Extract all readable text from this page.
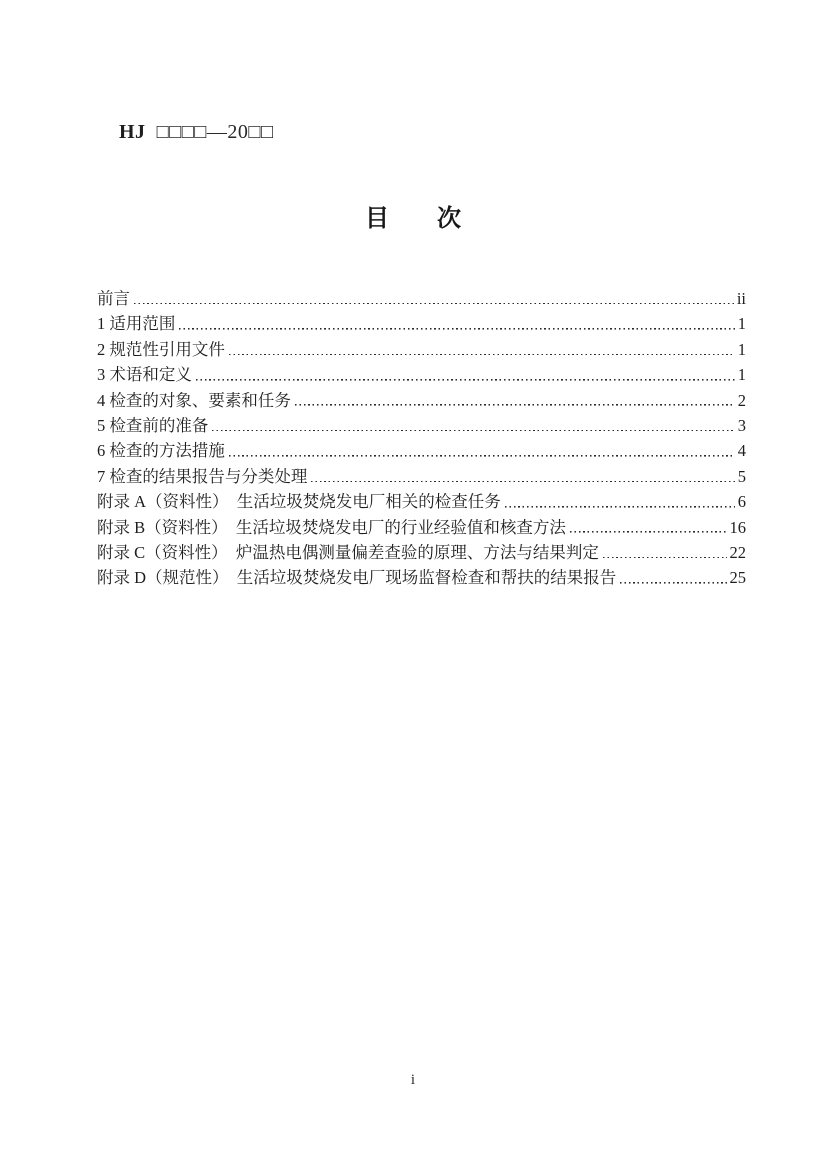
HJ  □□□□—20□□

目　　次
前言	ii
1 适用范围	1
2 规范性引用文件	1
3 术语和定义	1
4 检查的对象、要素和任务	2
5 检查前的准备	3
6 检查的方法措施	4
7 检查的结果报告与分类处理	5
附录 A（资料性）　生活垃圾焚烧发电厂相关的检查任务	6
附录 B（资料性）　生活垃圾焚烧发电厂的行业经验值和核查方法	16
附录 C（资料性）　炉温热电偶测量偏差查验的原理、方法与结果判定	22
附录 D（规范性）　生活垃圾焚烧发电厂现场监督检查和帮扶的结果报告	25
i
